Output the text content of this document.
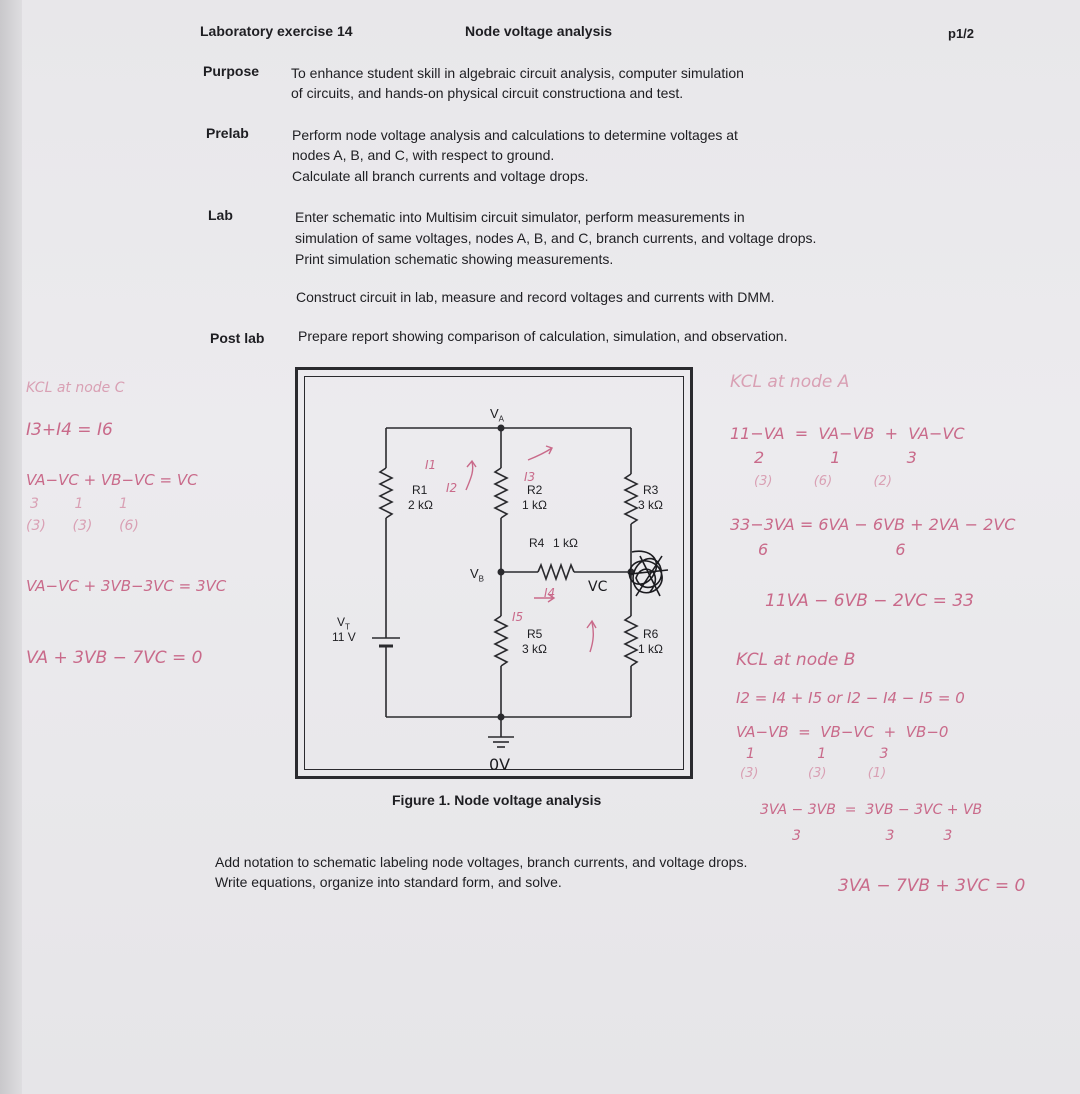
Laboratory exercise 14	Node voltage analysis	p1/2
Purpose To enhance student skill in algebraic circuit analysis, computer simulation
of circuits, and hands-on physical circuit constructiona and test.
Prelab	Perform node voltage analysis and calculations to determine voltages at
nodes A, B, and C, with respect to ground.
Calculate all branch currents and voltage drops.
Lab	Enter schematic into Multisim circuit simulator, perform measurements in
simulation of same voltages, nodes A, B, and C, branch currents, and voltage drops.
Print simulation schematic showing measurements.
Construct circuit in lab, measure and record voltages and currents with DMM.
Post lab Prepare report showing comparison of calculation, simulation, and observation.
$V_A$
$V_B$
$V_T$
11 V
R1
2 kΩ
R2
1 kΩ
R3
3 kΩ
R4 1 kΩ
R5
3 kΩ
R6
1 kΩ
I1
I2
I3
I4
I5
VC
0V
Figure 1. Node voltage analysis
Add notation to schematic labeling node voltages, branch currents, and voltage drops.
Write equations, organize into standard form, and solve.
KCL at node C
I3+I4 = I6
VA−VC + VB−VC = VC
3        1        1
(3)      (3)      (6)
VA−VC + 3VB−3VC = 3VC
VA + 3VB − 7VC = 0
KCL at node A
11−VA  =  VA−VB  +  VA−VC
2             1             3
(3)          (6)          (2)
33−3VA = 6VA − 6VB + 2VA − 2VC
6                         6
11VA − 6VB − 2VC = 33
KCL at node B
I2 = I4 + I5 or I2 − I4 − I5 = 0
VA−VB  =  VB−VC  +  VB−0
1              1            3
(3)            (3)          (1)
3VA − 3VB  =  3VB − 3VC + VB
3                   3           3
3VA − 7VB + 3VC = 0
